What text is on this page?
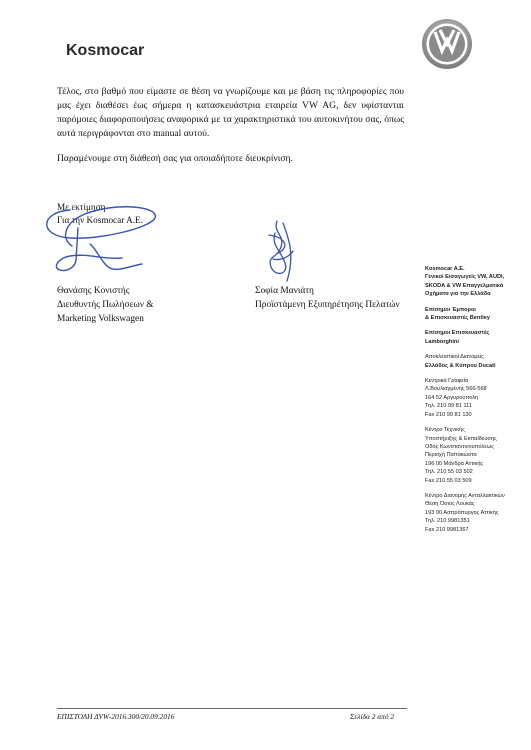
Kosmocar
Τέλος, στο βαθμό που είμαστε σε θέση να γνωρίζουμε και με βάση τις πληροφορίες που μας έχει διαθέσει έως σήμερα η κατασκευάστρια εταιρεία VW AG, δεν υφίστανται παρόμοιες διαφοροποιήσεις αναφορικά με τα χαρακτηριστικά του αυτοκινήτου σας, όπως αυτά περιγράφονται στο manual αυτού.
Παραμένουμε στη διάθεσή σας για οποιαδήποτε διευκρίνιση.
Με εκτίμηση
Για την Kosmocar A.E.
Θανάσης Κονιστής
Διευθυντής Πωλήσεων &
Marketing Volkswagen
Σοφία Μανιάτη
Προϊστάμενη Εξυπηρέτησης Πελατών
Kosmocar A.E.
Γενικοί Εισαγωγείς VW, AUDI,
SKODA & VW Επαγγελματικά
Οχήματα για την Ελλάδα
Επίσημοι Έμποροι
& Επισκευαστές Bentley
Επίσημοι Επισκευαστές
Lamborghini
Αποκλειστικοί Διανομείς
Ελλάδος & Κύπρου Ducati
Κεντρικά Γραφεία
Λ.Βουλιαγμένης 566-568
164 52 Αργυρούπολη
Τηλ. 210 99 81 111
Fax 210 99 81 130
Κέντρο Τεχνικής
Υποστήριξης & Εκπαίδευσης
Οδός Κωνσταντινουπόλεως
Περιοχή Παπακώστα
196 00 Μάνδρα Αττικής
Τηλ. 210 55 03 502
Fax 210 55 03 509
Κέντρο Διανομής Ανταλλακτικών
Θέση Όσιος Λουκάς
193 00 Ασπρόπυργος Αττικής
Τηλ. 210 9981351
Fax 210 9981367
ΕΠΙΣΤΟΛΗ ΔVW-2016.300/20.09.2016	Σελίδα 2 από 2
